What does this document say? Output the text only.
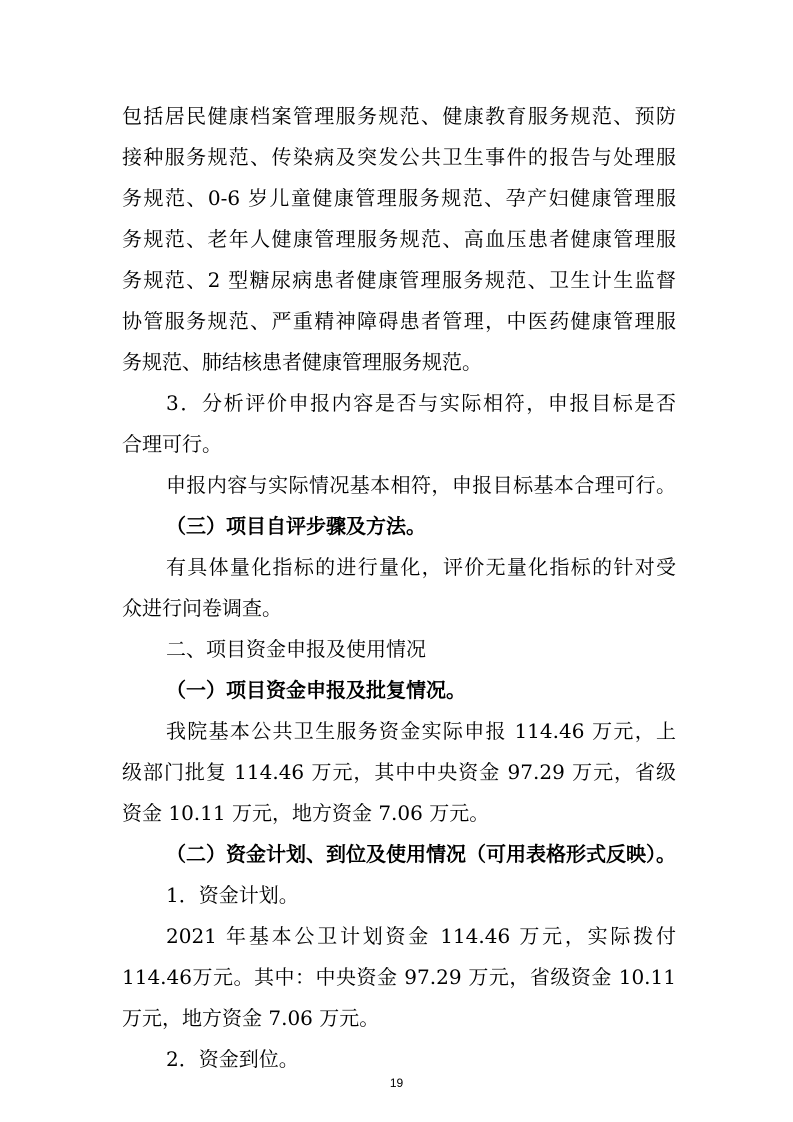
包括居民健康档案管理服务规范、健康教育服务规范、预防
接种服务规范、传染病及突发公共卫生事件的报告与处理服
务规范、0-6 岁儿童健康管理服务规范、孕产妇健康管理服
务规范、老年人健康管理服务规范、高血压患者健康管理服
务规范、2 型糖尿病患者健康管理服务规范、卫生计生监督
协管服务规范、严重精神障碍患者管理，中医药健康管理服
务规范、肺结核患者健康管理服务规范。
3．分析评价申报内容是否与实际相符，申报目标是否
合理可行。
申报内容与实际情况基本相符，申报目标基本合理可行。
（三）项目自评步骤及方法。
有具体量化指标的进行量化，评价无量化指标的针对受
众进行问卷调查。
二、项目资金申报及使用情况
（一）项目资金申报及批复情况。
我院基本公共卫生服务资金实际申报 114.46 万元，上
级部门批复 114.46 万元，其中中央资金 97.29 万元，省级
资金 10.11 万元，地方资金 7.06 万元。
（二）资金计划、到位及使用情况（可用表格形式反映）。
1．资金计划。
2021 年基本公卫计划资金 114.46 万元，实际拨付
114.46万元。其中：中央资金 97.29 万元，省级资金 10.11
万元，地方资金 7.06 万元。
2．资金到位。
19
